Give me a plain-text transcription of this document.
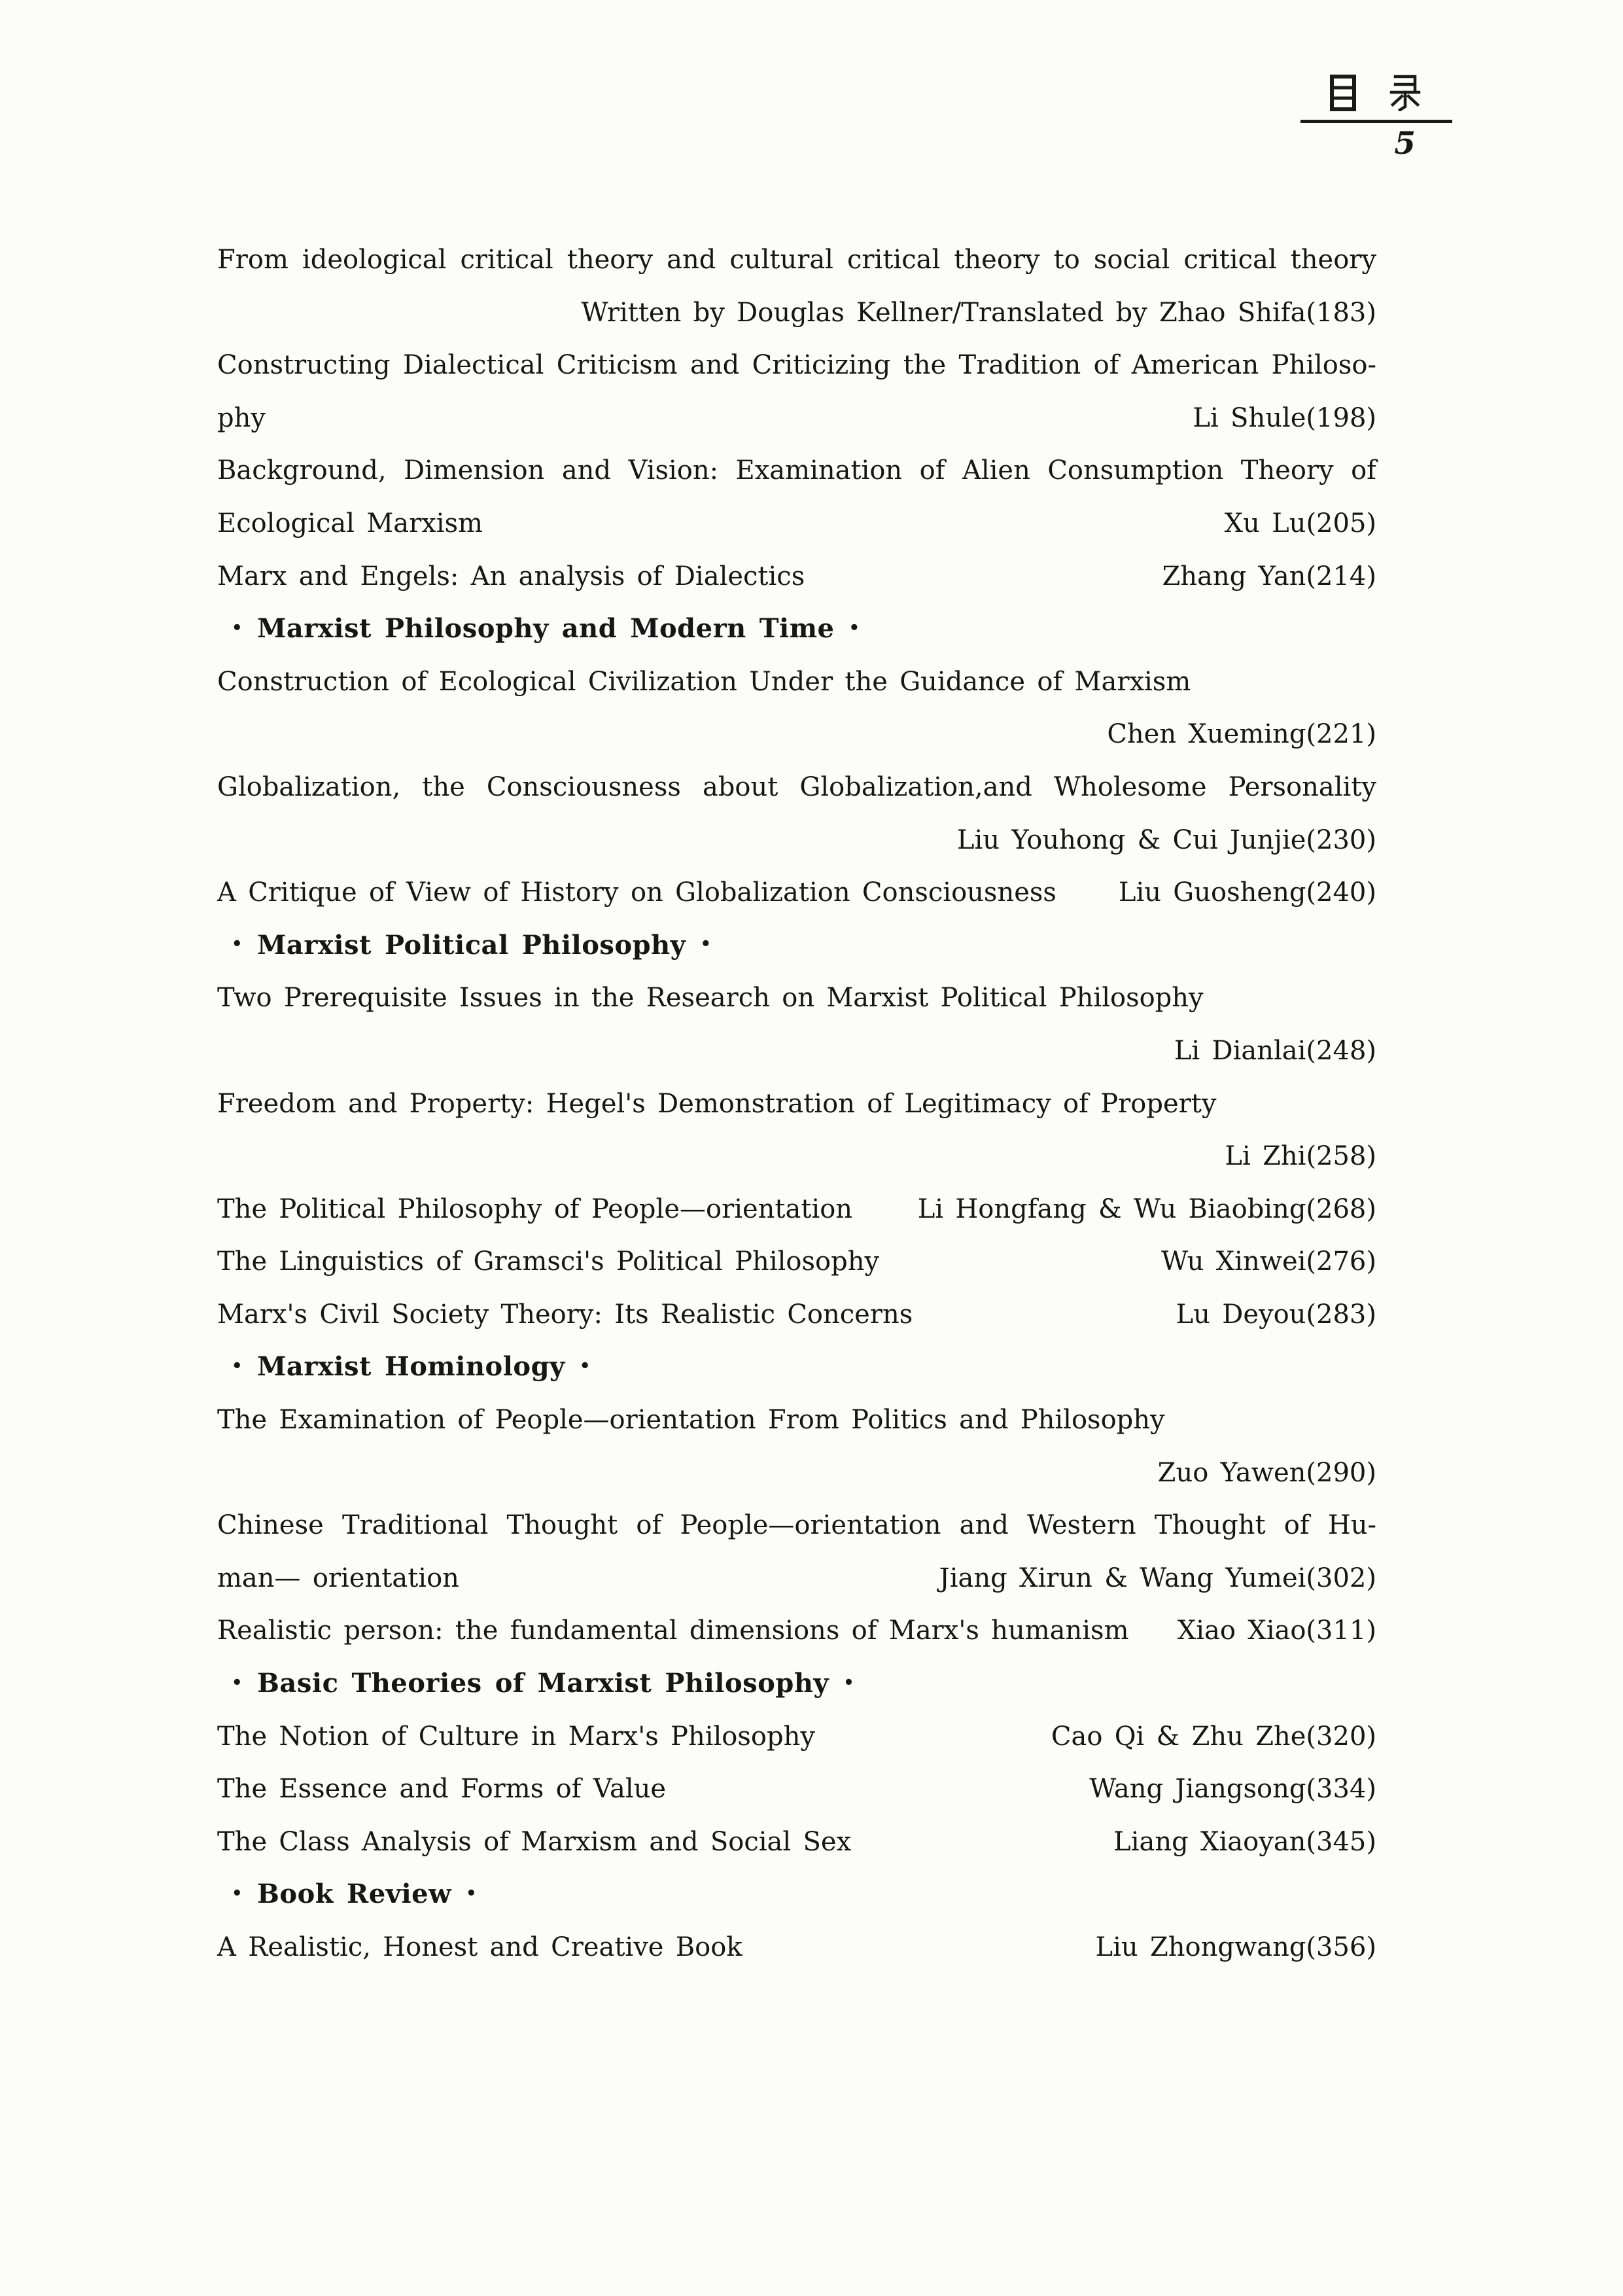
5
From ideological critical theory and cultural critical theory to social critical theory
Written by Douglas Kellner/Translated by Zhao Shifa(183)
Constructing Dialectical Criticism and Criticizing the Tradition of American Philoso-
phy	Li Shule(198)
Background, Dimension and Vision: Examination of Alien Consumption Theory of
Ecological Marxism	Xu Lu(205)
Marx and Engels: An analysis of Dialectics	Zhang Yan(214)
• Marxist Philosophy and Modern Time •
Construction of Ecological Civilization Under the Guidance of Marxism
Chen Xueming(221)
Globalization, the Consciousness about Globalization,and Wholesome Personality
Liu Youhong & Cui Junjie(230)
A Critique of View of History on Globalization Consciousness Liu Guosheng(240)
• Marxist Political Philosophy •
Two Prerequisite Issues in the Research on Marxist Political Philosophy
Li Dianlai(248)
Freedom and Property: Hegel's Demonstration of Legitimacy of Property
Li Zhi(258)
The Political Philosophy of People—orientation Li Hongfang & Wu Biaobing(268)
The Linguistics of Gramsci's Political Philosophy	Wu Xinwei(276)
Marx's Civil Society Theory: Its Realistic Concerns	Lu Deyou(283)
• Marxist Hominology •
The Examination of People—orientation From Politics and Philosophy
Zuo Yawen(290)
Chinese Traditional Thought of People—orientation and Western Thought of Hu-
man— orientation	Jiang Xirun & Wang Yumei(302)
Realistic person: the fundamental dimensions of Marx's humanism Xiao Xiao(311)
• Basic Theories of Marxist Philosophy •
The Notion of Culture in Marx's Philosophy	Cao Qi & Zhu Zhe(320)
The Essence and Forms of Value	Wang Jiangsong(334)
The Class Analysis of Marxism and Social Sex	Liang Xiaoyan(345)
• Book Review •
A Realistic, Honest and Creative Book	Liu Zhongwang(356)
